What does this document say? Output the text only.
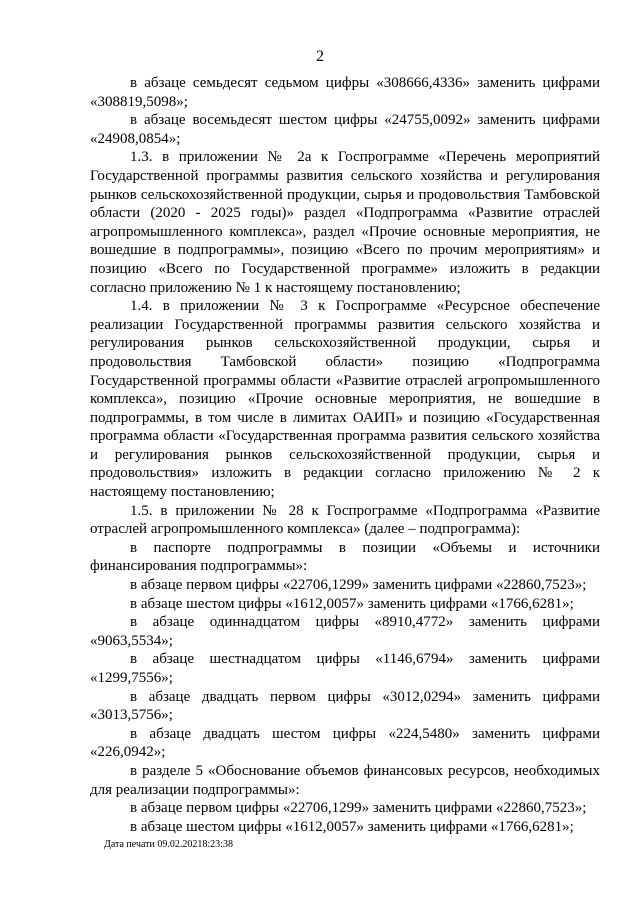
2

в абзаце семьдесят седьмом цифры «308666,4336» заменить цифрами «308819,5098»;

в абзаце восемьдесят шестом цифры «24755,0092» заменить цифрами «24908,0854»;

1.3. в приложении № 2а к Госпрограмме «Перечень мероприятий Государственной программы развития сельского хозяйства и регулирования рынков сельскохозяйственной продукции, сырья и продовольствия Тамбовской области (2020 - 2025 годы)» раздел «Подпрограмма «Развитие отраслей агропромышленного комплекса», раздел «Прочие основные мероприятия, не вошедшие в подпрограммы», позицию «Всего по прочим мероприятиям» и позицию «Всего по Государственной программе» изложить в редакции согласно приложению № 1 к настоящему постановлению;

1.4. в приложении № 3 к Госпрограмме «Ресурсное обеспечение реализации Государственной программы развития сельского хозяйства и регулирования рынков сельскохозяйственной продукции, сырья и продовольствия Тамбовской области» позицию «Подпрограмма Государственной программы области «Развитие отраслей агропромышленного комплекса», позицию «Прочие основные мероприятия, не вошедшие в подпрограммы, в том числе в лимитах ОАИП» и позицию «Государственная программа области «Государственная программа развития сельского хозяйства и регулирования рынков сельскохозяйственной продукции, сырья и продовольствия» изложить в редакции согласно приложению № 2 к настоящему постановлению;

1.5. в приложении № 28 к Госпрограмме «Подпрограмма «Развитие отраслей агропромышленного комплекса» (далее – подпрограмма):

в паспорте подпрограммы в позиции «Объемы и источники финансирования подпрограммы»:

в абзаце первом цифры «22706,1299» заменить цифрами «22860,7523»;

в абзаце шестом цифры «1612,0057» заменить цифрами «1766,6281»;

в абзаце одиннадцатом цифры «8910,4772» заменить цифрами «9063,5534»;

в абзаце шестнадцатом цифры «1146,6794» заменить цифрами «1299,7556»;

в абзаце двадцать первом цифры «3012,0294» заменить цифрами «3013,5756»;

в абзаце двадцать шестом цифры «224,5480» заменить цифрами «226,0942»;

в разделе 5 «Обоснование объемов финансовых ресурсов, необходимых для реализации подпрограммы»:

в абзаце первом цифры «22706,1299» заменить цифрами «22860,7523»;

в абзаце шестом цифры «1612,0057» заменить цифрами «1766,6281»;

Дата печати 09.02.20218:23:38
